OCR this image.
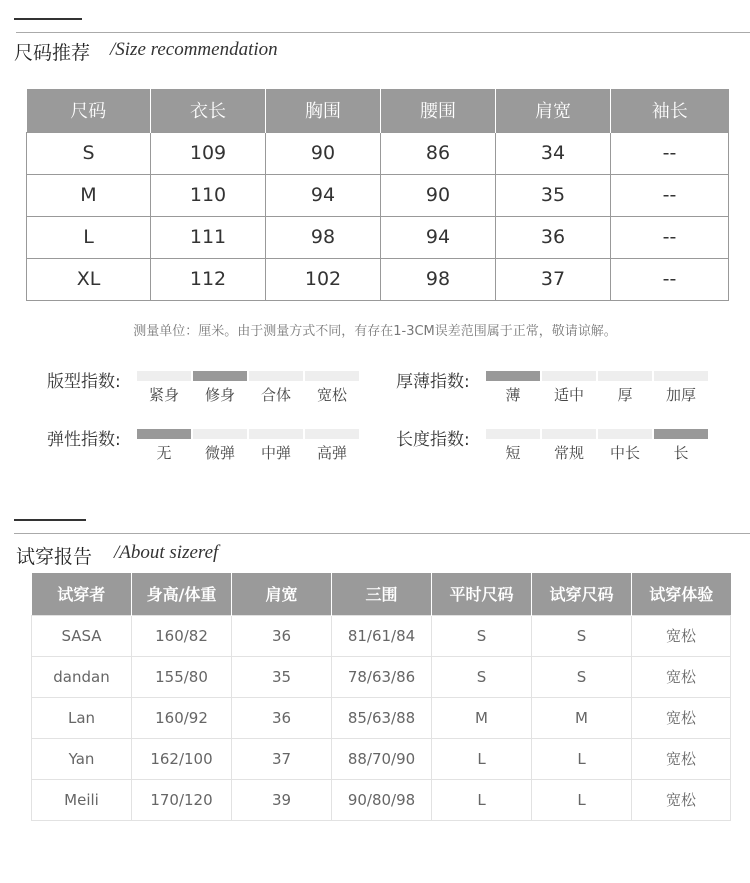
尺码推荐 /Size recommendation
尺码	衣长	胸围	腰围	肩宽	袖长
S	109	90	86	34	--
M	110	94	90	35	--
L	111	98	94	36	--
XL	112	102	98	37	--
测量单位：厘米。由于测量方式不同，有存在1-3CM误差范围属于正常，敬请谅解。
版型指数:
紧身	修身	合体	宽松
厚薄指数:
薄	适中	厚	加厚
弹性指数:
无	微弹	中弹	高弹
长度指数:
短	常规	中长	长
试穿报告 /About sizeref
试穿者	身高/体重	肩宽	三围	平时尺码	试穿尺码	试穿体验
SASA	160/82	36	81/61/84	S	S	宽松
dandan	155/80	35	78/63/86	S	S	宽松
Lan	160/92	36	85/63/88	M	M	宽松
Yan	162/100	37	88/70/90	L	L	宽松
Meili	170/120	39	90/80/98	L	L	宽松
